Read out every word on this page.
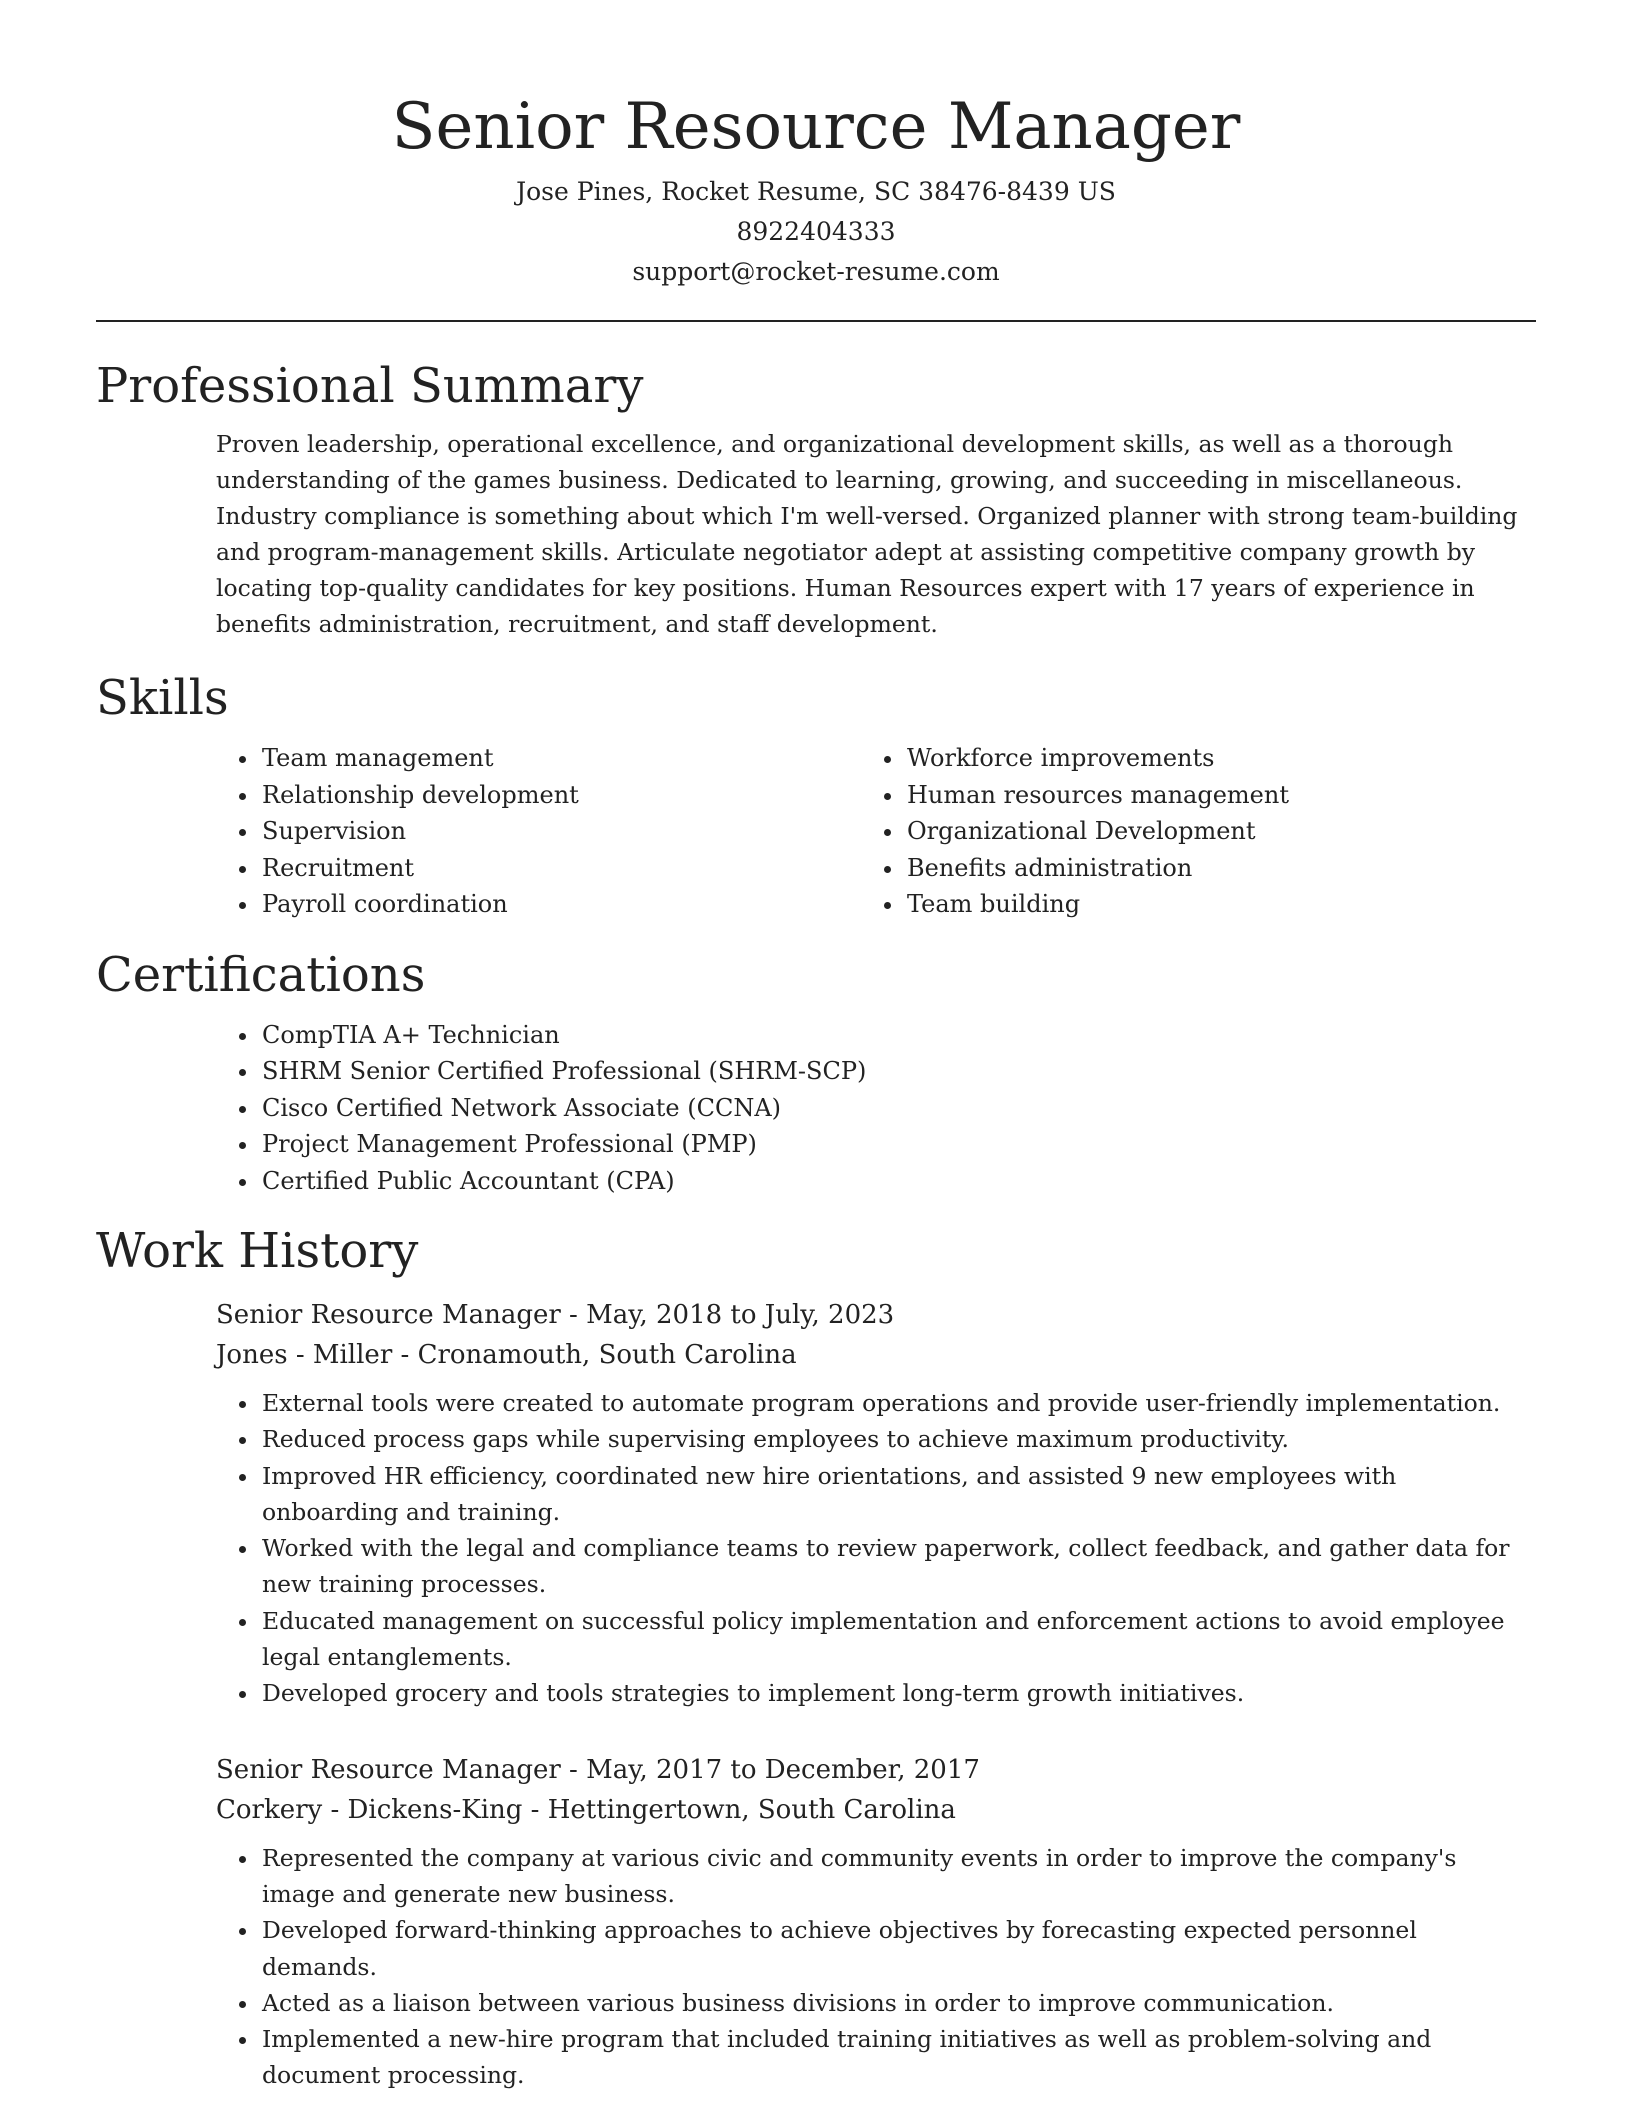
Senior Resource Manager
Jose Pines, Rocket Resume, SC 38476-8439 US
8922404333
support@rocket-resume.com
Professional Summary

Proven leadership, operational excellence, and organizational development skills, as well as a thorough understanding of the games business. Dedicated to learning, growing, and succeeding in miscellaneous. Industry compliance is something about which I'm well-versed. Organized planner with strong team-building and program-management skills. Articulate negotiator adept at assisting competitive company growth by locating top-quality candidates for key positions. Human Resources expert with 17 years of experience in benefits administration, recruitment, and staff development.

Skills
• Team management
• Relationship development
• Supervision
• Recruitment
• Payroll coordination
• Workforce improvements
• Human resources management
• Organizational Development
• Benefits administration
• Team building
Certifications
• CompTIA A+ Technician
• SHRM Senior Certified Professional (SHRM-SCP)
• Cisco Certified Network Associate (CCNA)
• Project Management Professional (PMP)
• Certified Public Accountant (CPA)
Work History
Senior Resource Manager - May, 2018 to July, 2023
Jones - Miller - Cronamouth, South Carolina
• External tools were created to automate program operations and provide user-friendly implementation.
• Reduced process gaps while supervising employees to achieve maximum productivity.
• Improved HR efficiency, coordinated new hire orientations, and assisted 9 new employees with onboarding and training.
• Worked with the legal and compliance teams to review paperwork, collect feedback, and gather data for new training processes.
• Educated management on successful policy implementation and enforcement actions to avoid employee legal entanglements.
• Developed grocery and tools strategies to implement long-term growth initiatives.
Senior Resource Manager - May, 2017 to December, 2017
Corkery - Dickens-King - Hettingertown, South Carolina
• Represented the company at various civic and community events in order to improve the company's image and generate new business.
• Developed forward-thinking approaches to achieve objectives by forecasting expected personnel demands.
• Acted as a liaison between various business divisions in order to improve communication.
• Implemented a new-hire program that included training initiatives as well as problem-solving and document processing.
